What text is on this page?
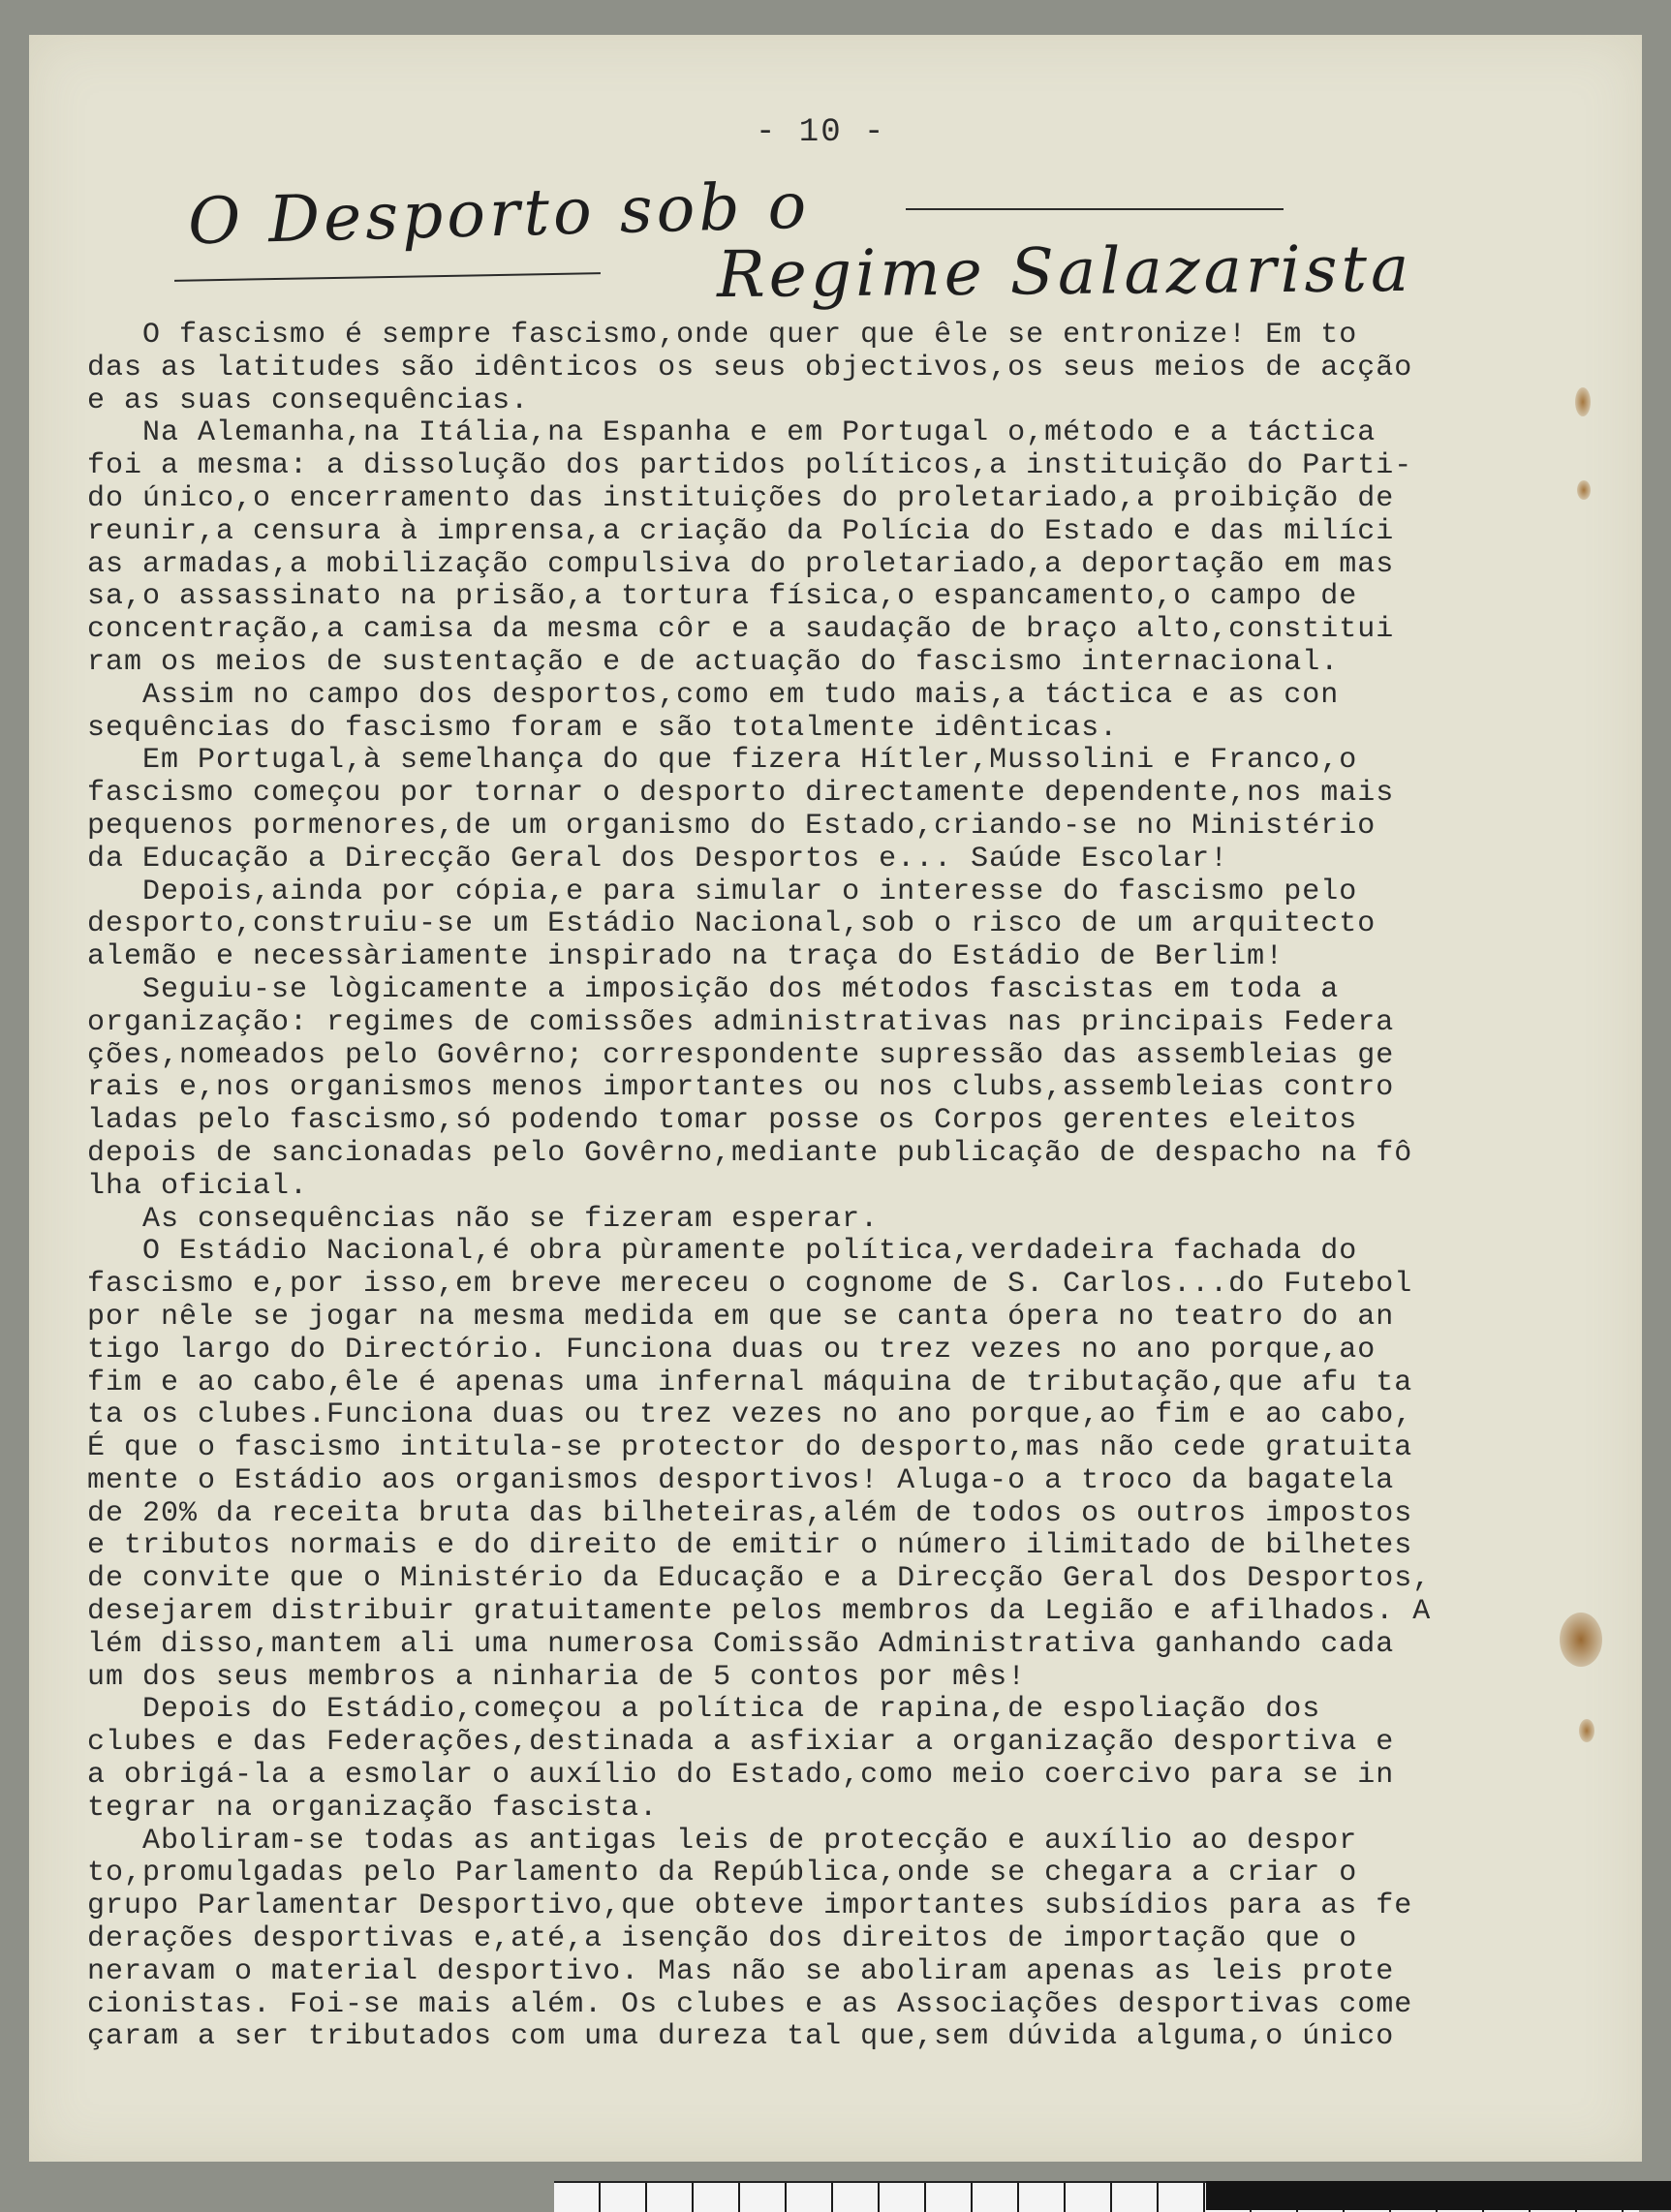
- 10 -
O Desporto sob o
Regime Salazarista
O fascismo é sempre fascismo,onde quer que êle se entronize! Em to
das as latitudes são idênticos os seus objectivos,os seus meios de acção
e as suas consequências.
Na Alemanha,na Itália,na Espanha e em Portugal o,método e a táctica
foi a mesma: a dissolução dos partidos políticos,a instituição do Parti-
do único,o encerramento das instituições do proletariado,a proibição de
reunir,a censura à imprensa,a criação da Polícia do Estado e das milíci
as armadas,a mobilização compulsiva do proletariado,a deportação em mas
sa,o assassinato na prisão,a tortura física,o espancamento,o campo de
concentração,a camisa da mesma côr e a saudação de braço alto,constitui
ram os meios de sustentação e de actuação do fascismo internacional.
Assim no campo dos desportos,como em tudo mais,a táctica e as con
sequências do fascismo foram e são totalmente idênticas.
Em Portugal,à semelhança do que fizera Hítler,Mussolini e Franco,o
fascismo começou por tornar o desporto directamente dependente,nos mais
pequenos pormenores,de um organismo do Estado,criando-se no Ministério
da Educação a Direcção Geral dos Desportos e... Saúde Escolar!
Depois,ainda por cópia,e para simular o interesse do fascismo pelo
desporto,construiu-se um Estádio Nacional,sob o risco de um arquitecto
alemão e necessàriamente inspirado na traça do Estádio de Berlim!
Seguiu-se lògicamente a imposição dos métodos fascistas em toda a
organização: regimes de comissões administrativas nas principais Federa
ções,nomeados pelo Govêrno; correspondente supressão das assembleias ge
rais e,nos organismos menos importantes ou nos clubs,assembleias contro
ladas pelo fascismo,só podendo tomar posse os Corpos gerentes eleitos
depois de sancionadas pelo Govêrno,mediante publicação de despacho na fô
lha oficial.
As consequências não se fizeram esperar.
O Estádio Nacional,é obra pùramente política,verdadeira fachada do
fascismo e,por isso,em breve mereceu o cognome de S. Carlos...do Futebol
por nêle se jogar na mesma medida em que se canta ópera no teatro do an
tigo largo do Directório. Funciona duas ou trez vezes no ano porque,ao
fim e ao cabo,êle é apenas uma infernal máquina de tributação,que afu ta
ta os clubes.Funciona duas ou trez vezes no ano porque,ao fim e ao cabo,
É que o fascismo intitula-se protector do desporto,mas não cede gratuita
mente o Estádio aos organismos desportivos! Aluga-o a troco da bagatela
de 20% da receita bruta das bilheteiras,além de todos os outros impostos
e tributos normais e do direito de emitir o número ilimitado de bilhetes
de convite que o Ministério da Educação e a Direcção Geral dos Desportos,
desejarem distribuir gratuitamente pelos membros da Legião e afilhados. A
lém disso,mantem ali uma numerosa Comissão Administrativa ganhando cada
um dos seus membros a ninharia de 5 contos por mês!
Depois do Estádio,começou a política de rapina,de espoliação dos
clubes e das Federações,destinada a asfixiar a organização desportiva e
a obrigá-la a esmolar o auxílio do Estado,como meio coercivo para se in
tegrar na organização fascista.
Aboliram-se todas as antigas leis de protecção e auxílio ao despor
to,promulgadas pelo Parlamento da República,onde se chegara a criar o
grupo Parlamentar Desportivo,que obteve importantes subsídios para as fe
derações desportivas e,até,a isenção dos direitos de importação que o
neravam o material desportivo. Mas não se aboliram apenas as leis prote
cionistas. Foi-se mais além. Os clubes e as Associações desportivas come
çaram a ser tributados com uma dureza tal que,sem dúvida alguma,o único
